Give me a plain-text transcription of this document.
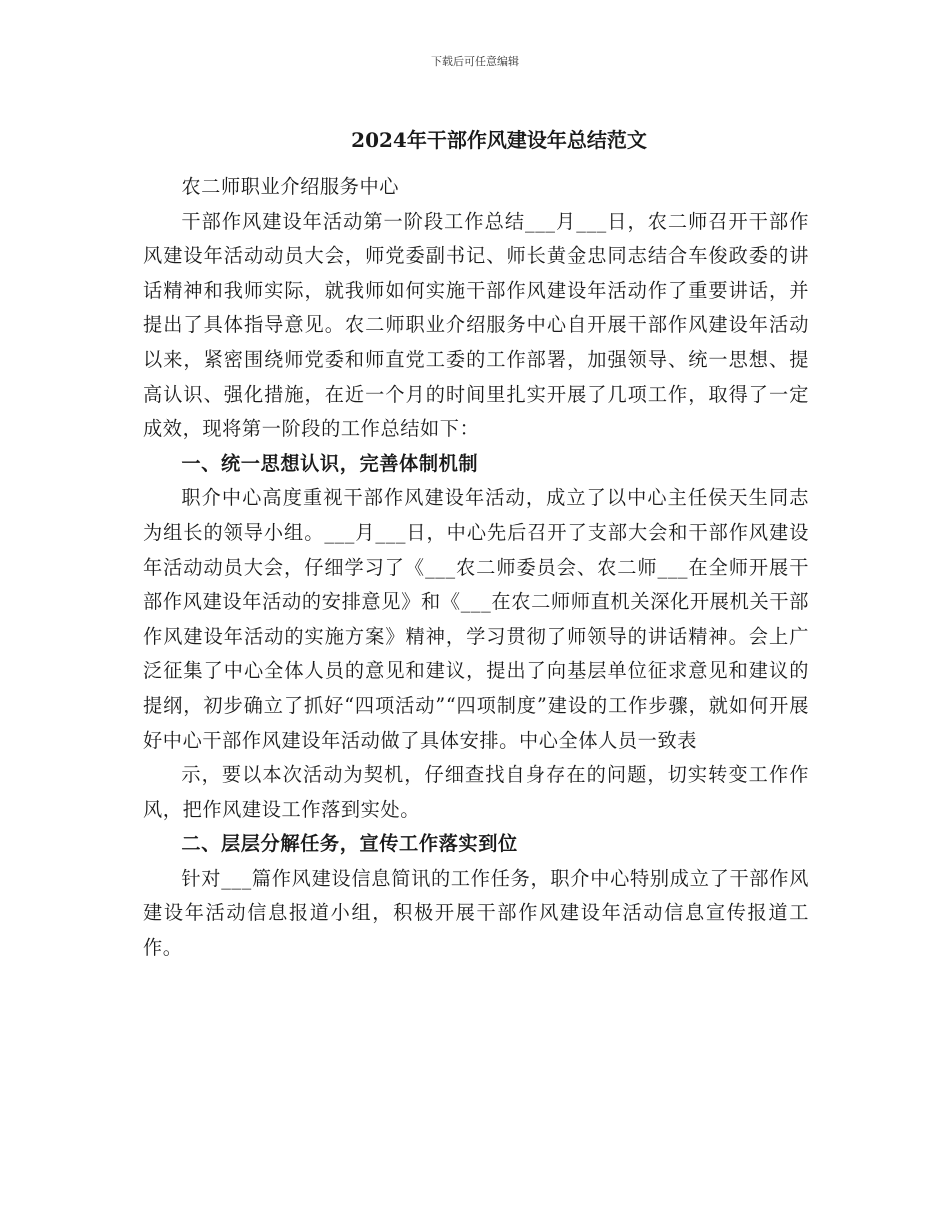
下载后可任意编辑
2024年干部作风建设年总结范文

农二师职业介绍服务中心

干部作风建设年活动第一阶段工作总结___月___日，农二师召开干部作风建设年活动动员大会，师党委副书记、师长黄金忠同志结合车俊政委的讲话精神和我师实际，就我师如何实施干部作风建设年活动作了重要讲话，并提出了具体指导意见。农二师职业介绍服务中心自开展干部作风建设年活动以来，紧密围绕师党委和师直党工委的工作部署，加强领导、统一思想、提高认识、强化措施，在近一个月的时间里扎实开展了几项工作，取得了一定成效，现将第一阶段的工作总结如下：

一、统一思想认识，完善体制机制

职介中心高度重视干部作风建设年活动，成立了以中心主任侯天生同志为组长的领导小组。___月___日，中心先后召开了支部大会和干部作风建设年活动动员大会，仔细学习了《___农二师委员会、农二师___在全师开展干部作风建设年活动的安排意见》和《___在农二师师直机关深化开展机关干部作风建设年活动的实施方案》精神，学习贯彻了师领导的讲话精神。会上广泛征集了中心全体人员的意见和建议，提出了向基层单位征求意见和建议的提纲，初步确立了抓好“四项活动”“四项制度”建设的工作步骤，就如何开展好中心干部作风建设年活动做了具体安排。中心全体人员一致表

示，要以本次活动为契机，仔细查找自身存在的问题，切实转变工作作风，把作风建设工作落到实处。

二、层层分解任务，宣传工作落实到位

针对___篇作风建设信息简讯的工作任务，职介中心特别成立了干部作风建设年活动信息报道小组，积极开展干部作风建设年活动信息宣传报道工作。
